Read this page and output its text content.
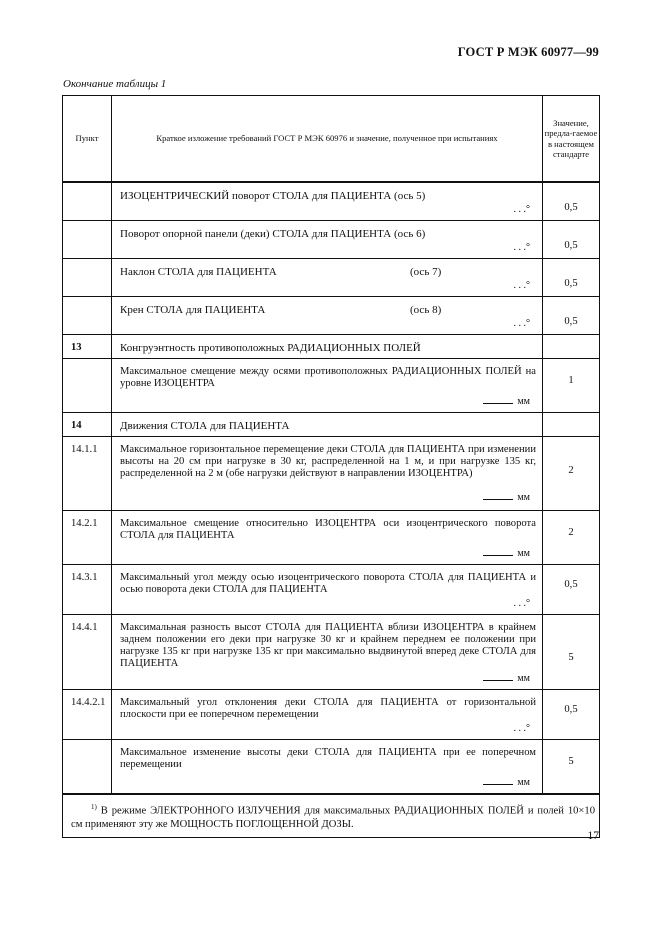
ГОСТ Р МЭК 60977—99
Окончание таблицы 1
Пункт	Краткое изложение требований ГОСТ Р МЭК 60976 и значение, полученное при испытаниях	Значение, предла-гаемое в настоящем стандарте

	ИЗОЦЕНТРИЧЕСКИЙ поворот СТОЛА для ПАЦИЕНТА (ось 5)
. . .°	0,5

	Поворот опорной панели (деки) СТОЛА для ПАЦИЕНТА (ось 6)
. . .°	0,5

	Наклон СТОЛА для ПАЦИЕНТА (ось 7)
. . .°	0,5

	Крен СТОЛА для ПАЦИЕНТА (ось 8)
. . .°	0,5

13	Конгруэнтность противоположных РАДИАЦИОННЫХ ПОЛЕЙ	

	Максимальное смещение между осями противоположных РАДИАЦИОННЫХ ПОЛЕЙ на уровне ИЗОЦЕНТРА
мм	1

14	Движения СТОЛА для ПАЦИЕНТА	

14.1.1	Максимальное горизонтальное перемещение деки СТОЛА для ПАЦИЕНТА при изменении высоты на 20 см при нагрузке в 30 кг, распределенной на 1 м, и при нагрузке 135 кг, распределенной на 2 м (обе нагрузки действуют в направлении ИЗОЦЕНТРА)
мм	2

14.2.1	Максимальное смещение относительно ИЗОЦЕНТРА оси изоцентрического поворота СТОЛА для ПАЦИЕНТА
мм	2

14.3.1	Максимальный угол между осью изоцентрического поворота СТОЛА для ПАЦИЕНТА и осью поворота деки СТОЛА для ПАЦИЕНТА
. . .°	0,5

14.4.1	Максимальная разность высот СТОЛА для ПАЦИЕНТА вблизи ИЗОЦЕНТРА в крайнем заднем положении его деки при нагрузке 30 кг и крайнем переднем ее положении при нагрузке 135 кг при нагрузке 135 кг при максимально выдвинутой вперед деке СТОЛА для ПАЦИЕНТА
мм	5

14.4.2.1	Максимальный угол отклонения деки СТОЛА для ПАЦИЕНТА от горизонтальной плоскости при ее поперечном перемещении
. . .°	0,5

	Максимальное изменение высоты деки СТОЛА для ПАЦИЕНТА при ее поперечном перемещении
мм	5

$^{1)}$ В режиме ЭЛЕКТРОННОГО ИЗЛУЧЕНИЯ для максимальных РАДИАЦИОННЫХ ПОЛЕЙ и полей 10×10 см применяют эту же МОЩНОСТЬ ПОГЛОЩЕННОЙ ДОЗЫ.		
17
